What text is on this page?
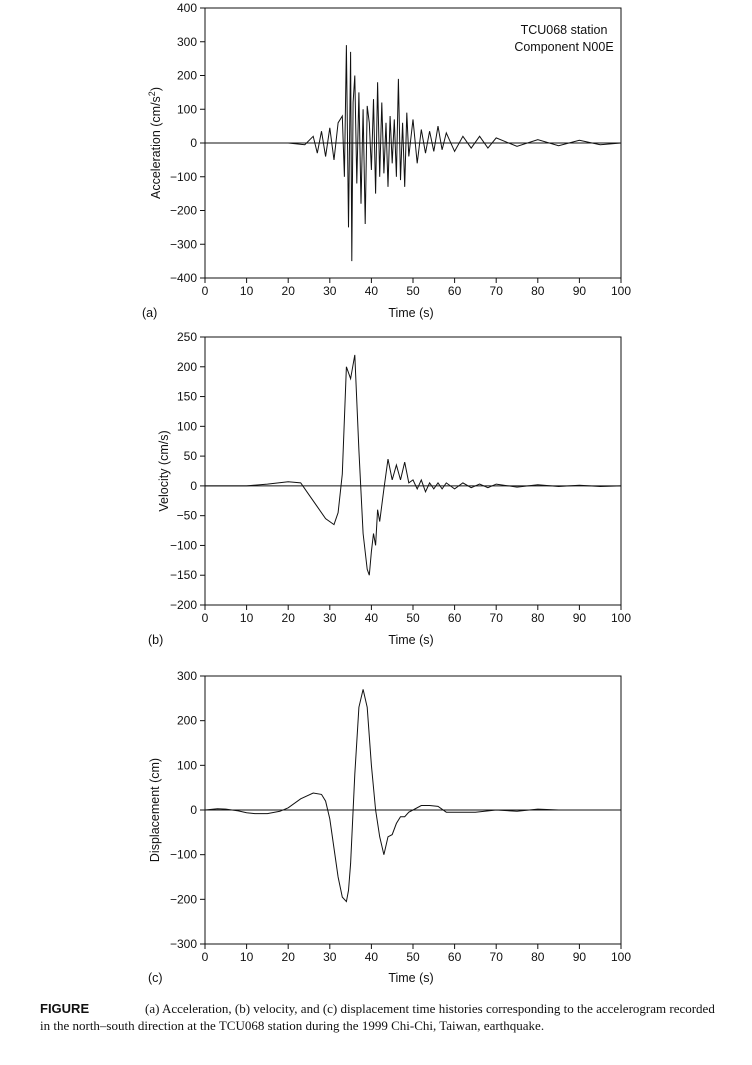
0	10 20 30 40 50 60 70 80 90 100
−400
−300
−200
−100
0
100
200
300
400
TCU068 station
Component N00E
Acceleration $(cm/s^2)$
Time (s)
(a)
0	10 20 30 40 50 60 70 80 90 100
−200
−150
−100
−50
0
50
100
150
200
250
Velocity (cm/s)
Time (s)
(b)
0	10 20 30 40 50 60 70 80 90 100
−300
−200
−100
0
100
200
300
Displacement (cm)
Time (s)
(c)
FIGURE	(a) Acceleration, (b) velocity, and (c) displacement time histories corresponding to the accelerogram recorded in the north–south direction at the TCU068 station during the 1999 Chi-Chi, Taiwan, earthquake.
